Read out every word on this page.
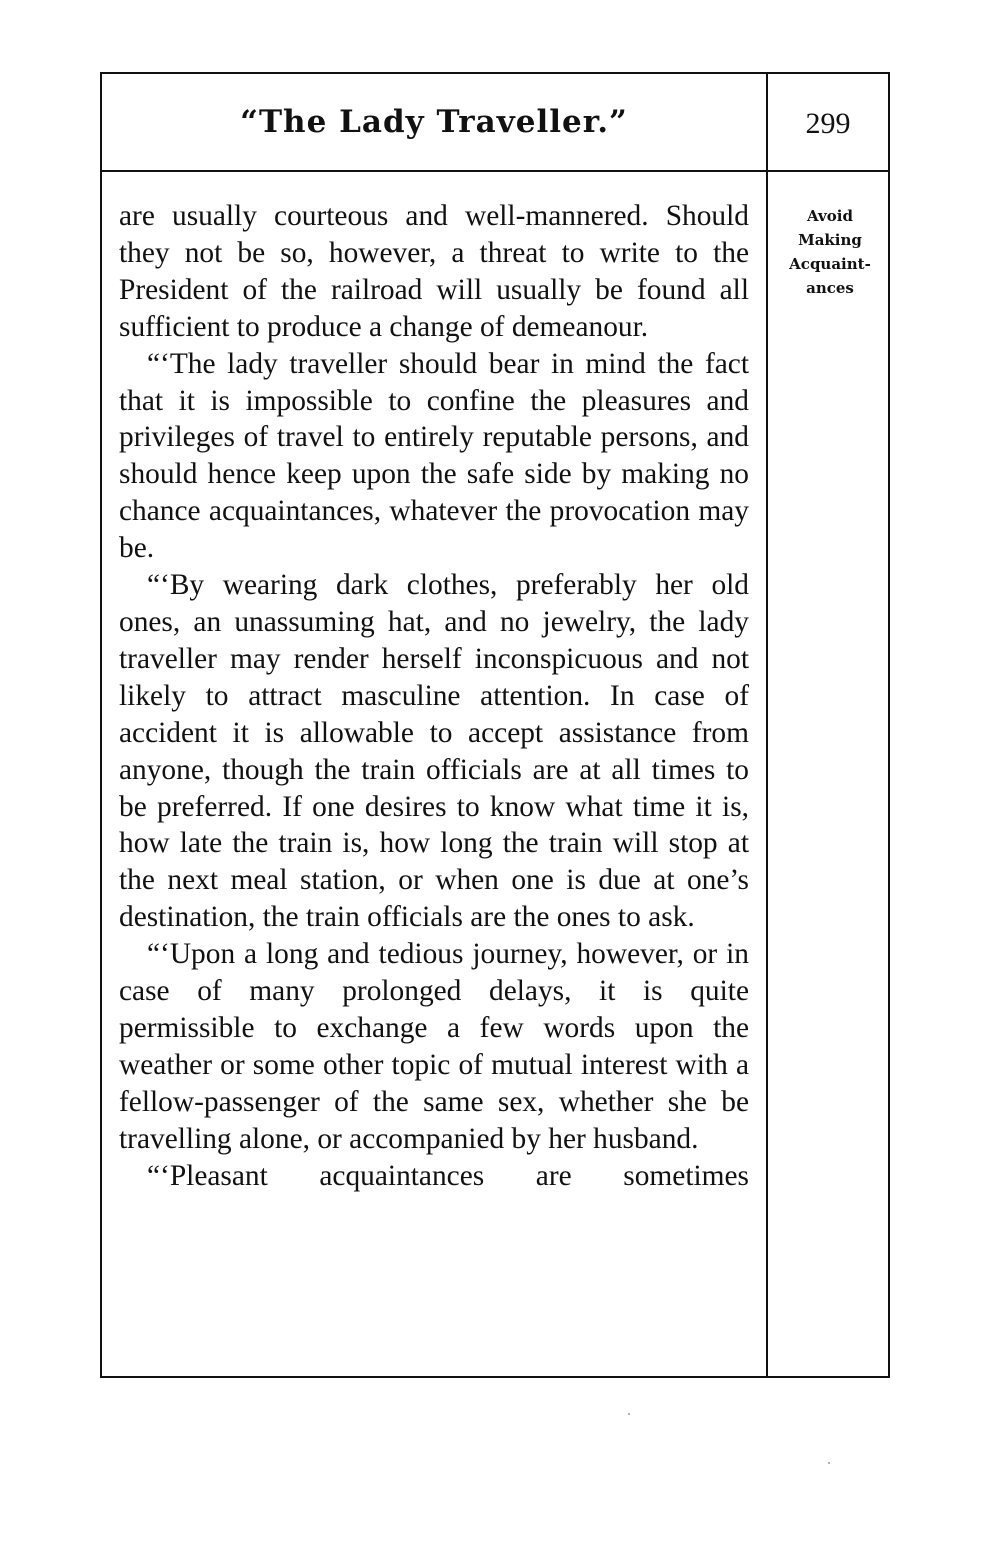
“The Lady Traveller.”	299

are usually courteous and well-mannered. Should they not be so, however, a threat to write to the President of the railroad will usually be found all sufficient to produce a change of demeanour.

“‘The lady traveller should bear in mind the fact that it is impossible to confine the pleasures and privileges of travel to entirely reputable persons, and should hence keep upon the safe side by making no chance acquaintances, whatever the provocation may be.

“‘By wearing dark clothes, preferably her old ones, an unassuming hat, and no jewelry, the lady traveller may render herself inconspicuous and not likely to attract masculine attention. In case of accident it is allowable to accept assistance from anyone, though the train officials are at all times to be preferred. If one desires to know what time it is, how late the train is, how long the train will stop at the next meal station, or when one is due at one’s destination, the train officials are the ones to ask.

“‘Upon a long and tedious journey, however, or in case of many prolonged delays, it is quite permissible to exchange a few words upon the weather or some other topic of mutual interest with a fellow-passenger of the same sex, whether she be travelling alone, or accompanied by her husband.

“‘Pleasant acquaintances are sometimes

Avoid
Making
Acquaint-
ances
